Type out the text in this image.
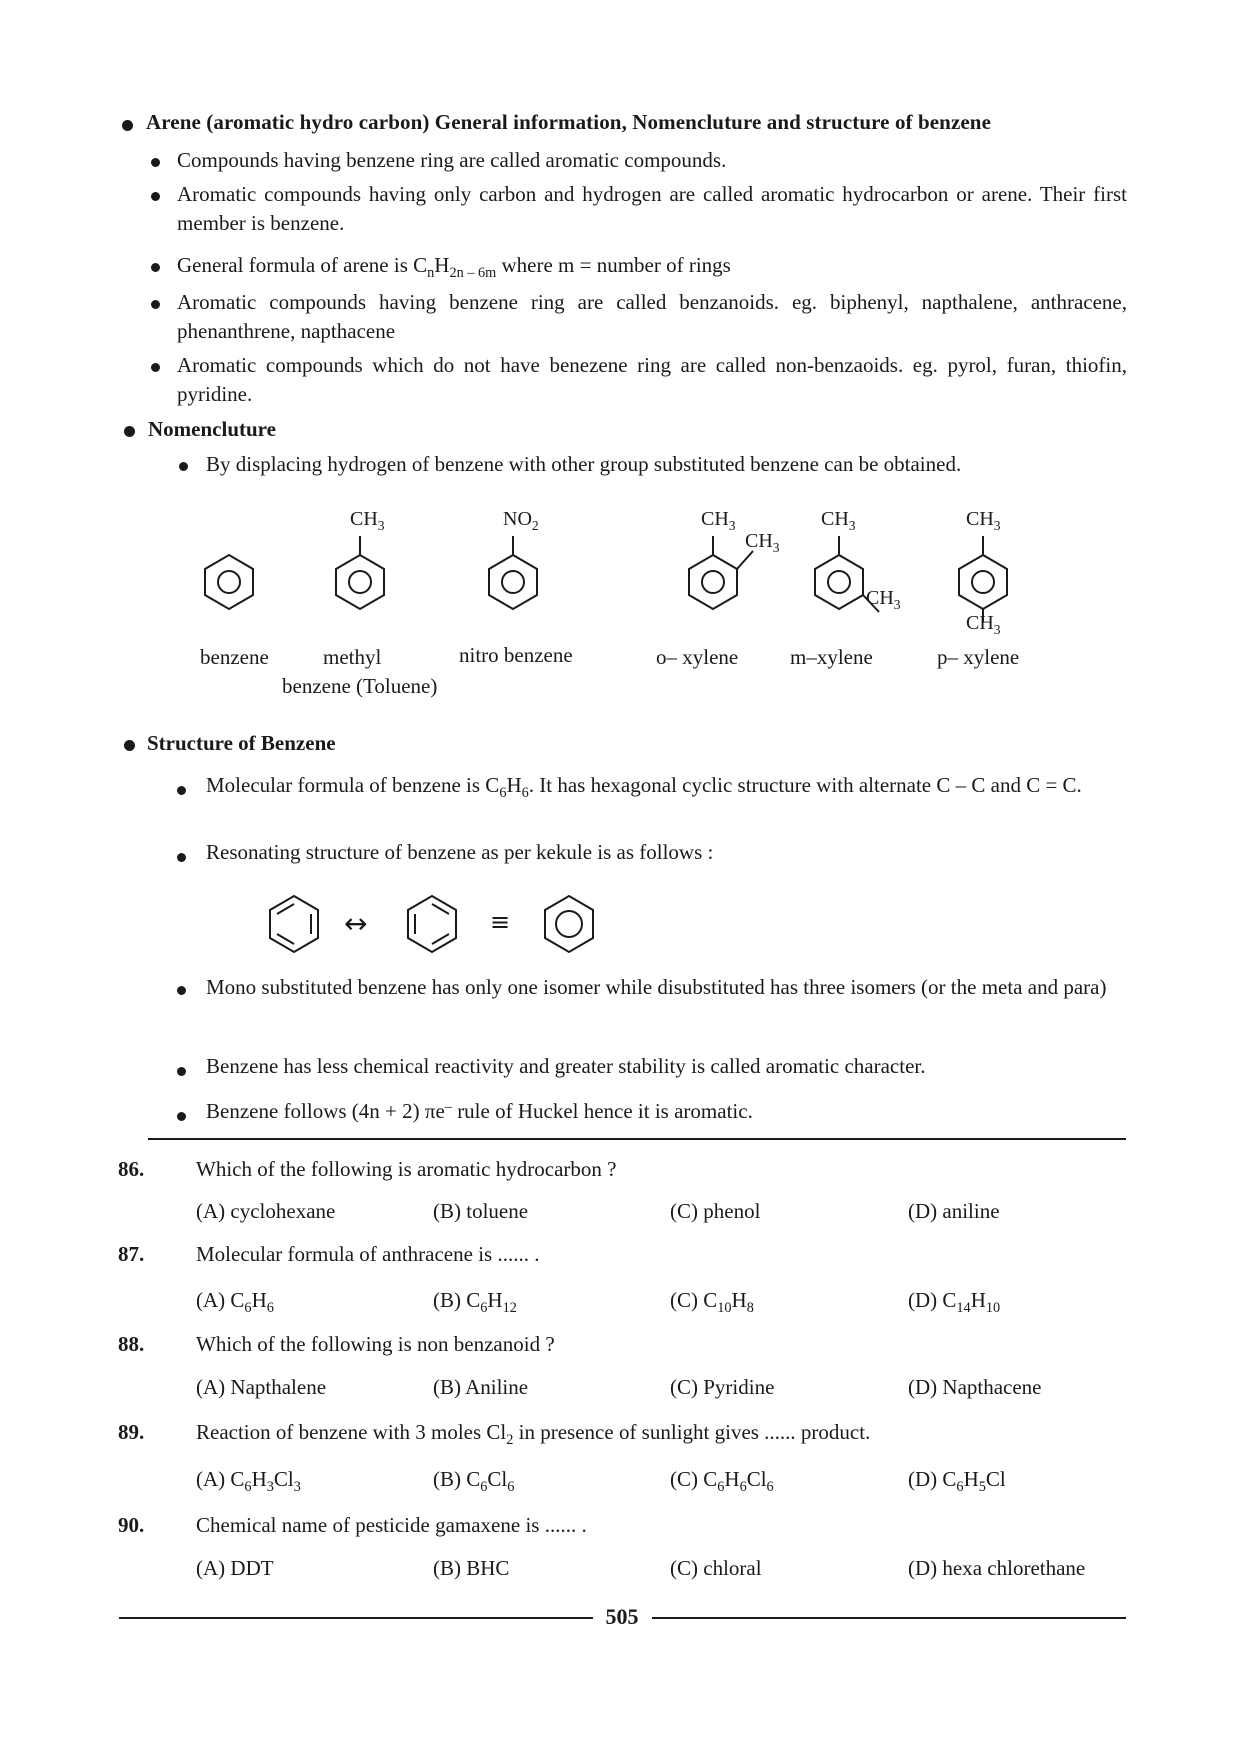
Arene (aromatic hydro carbon) General information, Nomencluture and structure of benzene
Compounds having benzene ring are called aromatic compounds.
Aromatic compounds having only carbon and hydrogen are called aromatic hydrocarbon or arene. Their first member is benzene.
General formula of arene is $C_nH_{2n - 6m}$ where m = number of rings
Aromatic compounds having benzene ring are called benzanoids. eg. biphenyl, napthalene, anthracene, phenanthrene, napthacene
Aromatic compounds which do not have benezene ring are called non-benzaoids. eg. pyrol, furan, thiofin, pyridine.
Nomencluture
By displacing hydrogen of benzene with other group substituted benzene can be obtained.
$CH_3$	$NO_2$	$CH_3$
$CH_3$
$CH_3$
$CH_3$
$CH_3$
$CH_3$
benzene	methyl
benzene (Toluene)
nitro benzene	o– xylene m–xylene	p– xylene
Structure of Benzene
Molecular formula of benzene is $C_6H_6$. It has hexagonal cyclic structure with alternate C – C and C = C.
Resonating structure of benzene as per kekule is as follows :
↔	≡
Mono substituted benzene has only one isomer while disubstituted has three isomers (or the meta and para)
Benzene has less chemical reactivity and greater stability is called aromatic character.
Benzene follows (4n + 2) πe– rule of Huckel hence it is aromatic.
86. Which of the following is aromatic hydrocarbon ?
(A) cyclohexane	(B) toluene	(C) phenol	(D) aniline
87. Molecular formula of anthracene is ...... .
(A) $C_6H_6$	(B) $C_6H_{12}$	(C) $C_{10}H_8$	(D) $C_{14}H_{10}$
88. Which of the following is non benzanoid ?
(A) Napthalene	(B) Aniline	(C) Pyridine	(D) Napthacene
89. Reaction of benzene with 3 moles $Cl_2$ in presence of sunlight gives ...... product.
(A) $C_6H_3Cl_3$	(B) $C_6Cl_6$	(C) $C_6H_6Cl_6$	(D) $C_6H_5Cl$
90. Chemical name of pesticide gamaxene is ...... .
(A) DDT	(B) BHC	(C) chloral	(D) hexa chlorethane
505
